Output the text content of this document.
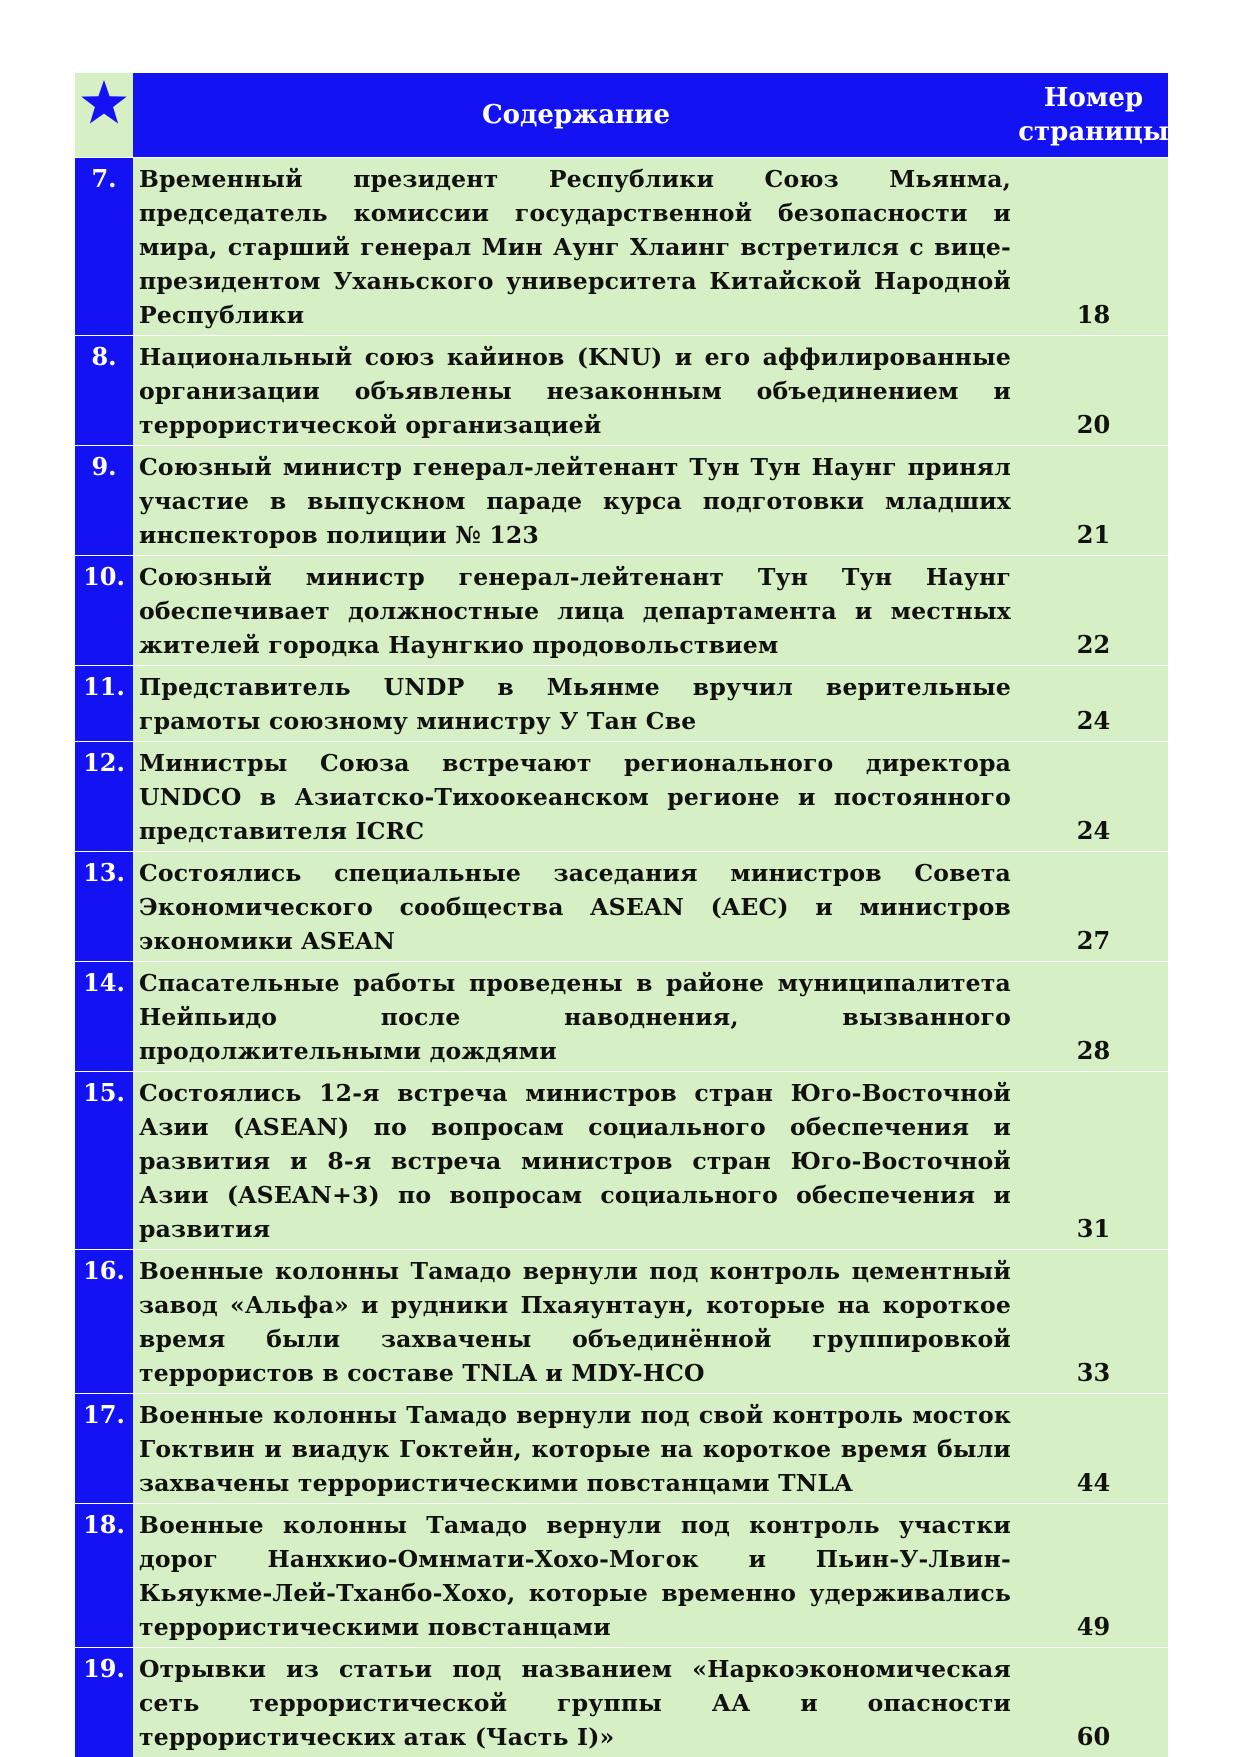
Содержание
Номер
страницы
7. Временный президент Республики Союз Мьянма, председатель комиссии государственной безопасности и мира, старший генерал Мин Аунг Хлаинг встретился с вице-президентом Уханьского университета Китайской Народной Республики	18
8. Национальный союз кайинов (KNU) и его аффилированные организации объявлены незаконным объединением и террористической организацией	20
9. Союзный министр генерал-лейтенант Тун Тун Наунг принял участие в выпускном параде курса подготовки младших инспекторов полиции № 123	21
10. Союзный министр генерал-лейтенант Тун Тун Наунг обеспечивает должностные лица департамента и местных жителей городка Наунгкио продовольствием	22
11. Представитель UNDP в Мьянме вручил верительные грамоты союзному министру У Тан Све	24
12. Министры Союза встречают регионального директора UNDCO в Азиатско-Тихоокеанском регионе и постоянного представителя ICRC	24
13. Состоялись специальные заседания министров Совета Экономического сообщества ASEAN (AEC) и министров экономики ASEAN	27
14. Спасательные работы проведены в районе муниципалитета Нейпьидо после наводнения, вызванного продолжительными дождями	28
15. Состоялись 12-я встреча министров стран Юго-Восточной Азии (ASEAN) по вопросам социального обеспечения и развития и 8-я встреча министров стран Юго-Восточной Азии (ASEAN+3) по вопросам социального обеспечения и развития	31
16. Военные колонны Тамадо вернули под контроль цементный завод «Альфа» и рудники Пхаяунтаун, которые на короткое время были захвачены объединённой группировкой террористов в составе TNLA и MDY-HCO	33
17. Военные колонны Тамадо вернули под свой контроль мосток Гоктвин и виадук Гоктейн, которые на короткое время были захвачены террористическими повстанцами TNLA	44
18. Военные колонны Тамадо вернули под контроль участки дорог Нанхкио-Омнмати-Хохо-Могок и Пьин-У-Лвин-Кьяукме-Лей-Тханбо-Хохо, которые временно удерживались террористическими повстанцами	49
19. Отрывки из статьи под названием «Наркоэкономическая сеть террористической группы АА и опасности террористических атак (Часть I)»	60
